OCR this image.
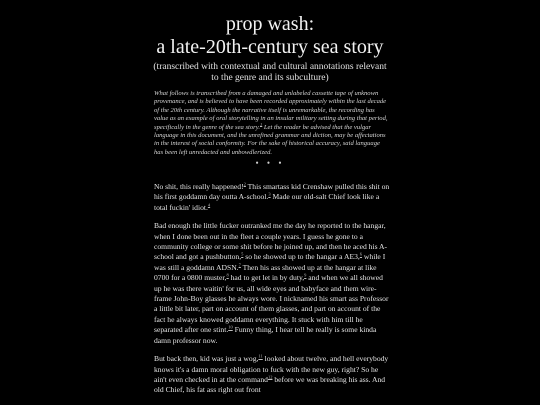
prop wash:
a late-20th-century sea story
(transcribed with contextual and cultural annotations relevant to the genre and its subculture)
What follows is transcribed from a damaged and unlabeled cassette tape of unknown provenance, and is believed to have been recorded approximately within the last decade of the 20th century. Although the narrative itself is unremarkable, the recording has value as an example of oral storytelling in an insular military setting during that period, specifically in the genre of the sea story.$^1$ Let the reader be advised that the vulgar language in this document, and the unrefined grammar and diction, may be affectations in the interest of social conformity. For the sake of historical accuracy, said language has been left unredacted and unbowdlerized.
• • •

No shit, this really happened!$^2$ This smartass kid Crenshaw pulled this shit on his first goddamn day outta A-school.$^3$ Made our old-salt Chief look like a total fuckin' idiot.$^4$

Bad enough the little fucker outranked me the day he reported to the hangar, when I done been out in the fleet a couple years. I guess he gone to a community college or some shit before he joined up, and then he aced his A-school and got a pushbutton,$^5$ so he showed up to the hangar a AE3,$^6$ while I was still a goddamn ADSN.$^7$ Then his ass showed up at the hangar at like 0700 for a 0800 muster,$^8$ had to get let in by duty,$^9$ and when we all showed up he was there waitin' for us, all wide eyes and babyface and them wire-frame John-Boy glasses he always wore. I nicknamed his smart ass Professor a little bit later, part on account of them glasses, and part on account of the fact he always knowed goddamn everything. It stuck with him till he separated after one stint.$^{10}$ Funny thing, I hear tell he really is some kinda damn professor now.

But back then, kid was just a wog,$^{11}$ looked about twelve, and hell everybody knows it's a damn moral obligation to fuck with the new guy, right? So he ain't even checked in at the command$^{12}$ before we was breaking his ass. And old Chief, his fat ass right out front
